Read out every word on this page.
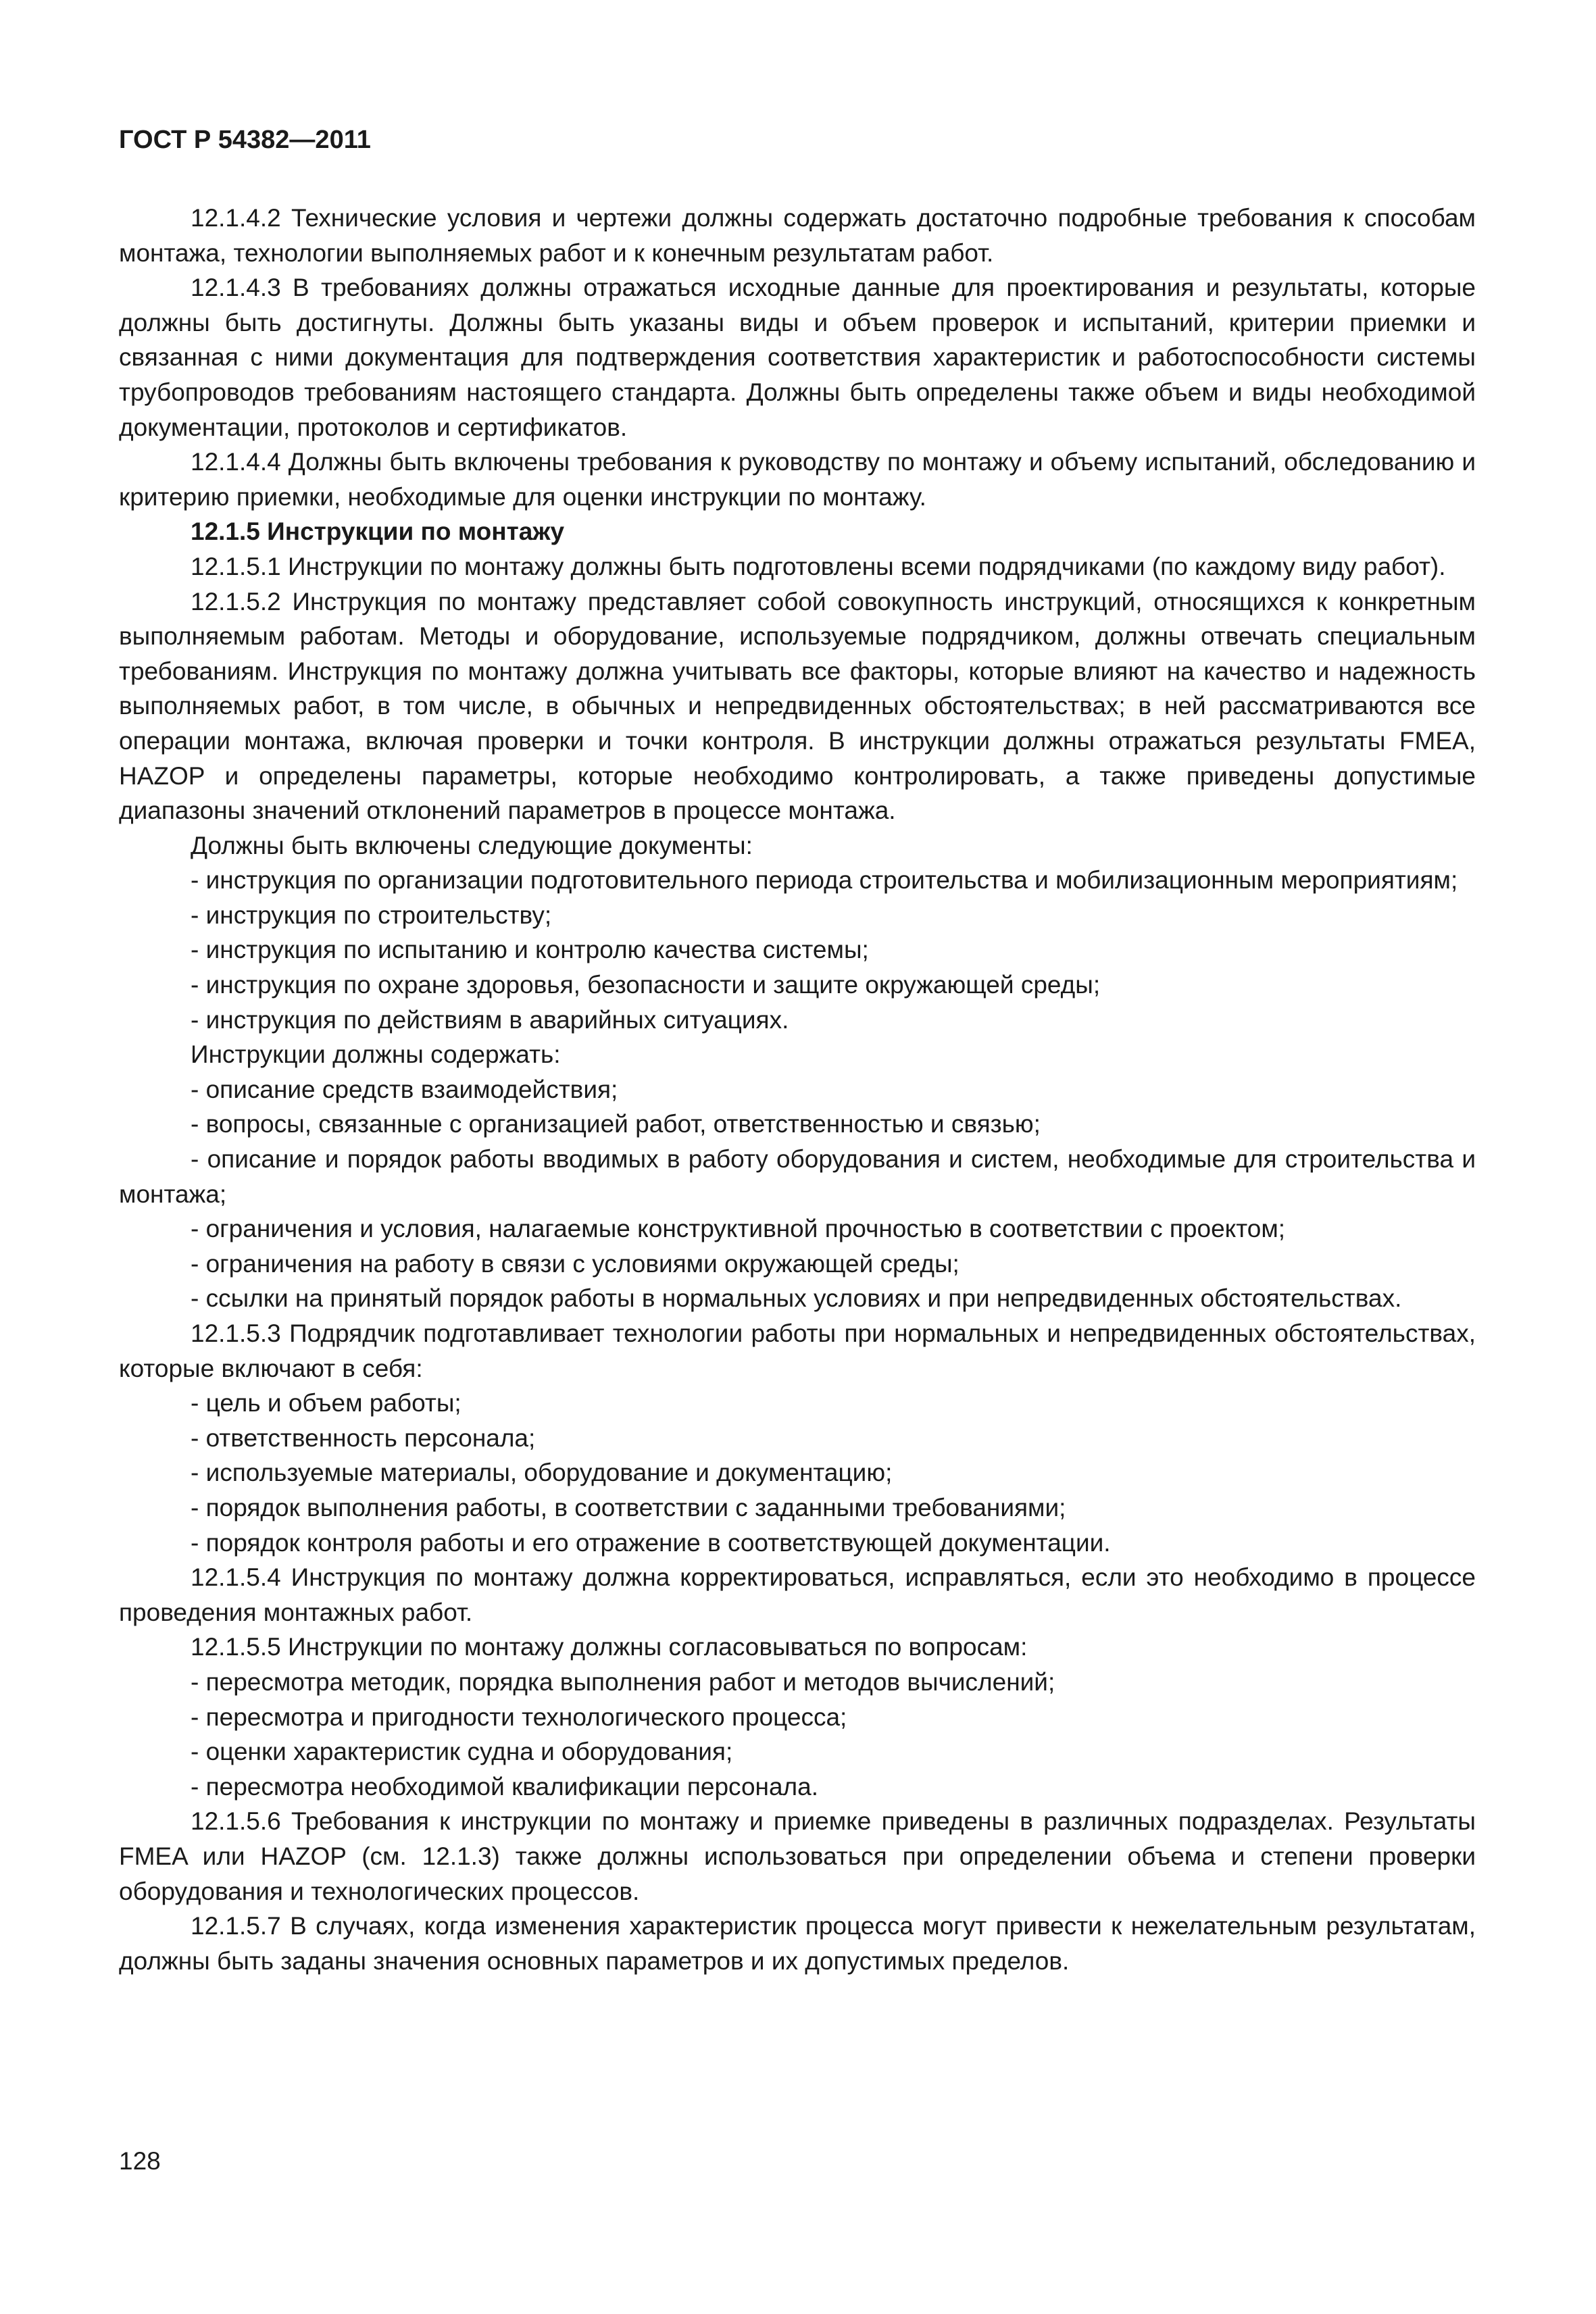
ГОСТ Р 54382—2011

12.1.4.2 Технические условия и чертежи должны содержать достаточно подробные требования к способам монтажа, технологии выполняемых работ и к конечным результатам работ.

12.1.4.3 В требованиях должны отражаться исходные данные для проектирования и результаты, которые должны быть достигнуты. Должны быть указаны виды и объем проверок и испытаний, критерии приемки и связанная с ними документация для подтверждения соответствия характеристик и работоспособности системы трубопроводов требованиям настоящего стандарта. Должны быть определены также объем и виды необходимой документации, протоколов и сертификатов.

12.1.4.4 Должны быть включены требования к руководству по монтажу и объему испытаний, обследованию и критерию приемки, необходимые для оценки инструкции по монтажу.

12.1.5 Инструкции по монтажу

12.1.5.1 Инструкции по монтажу должны быть подготовлены всеми подрядчиками (по каждому виду работ).

12.1.5.2 Инструкция по монтажу представляет собой совокупность инструкций, относящихся к конкретным выполняемым работам. Методы и оборудование, используемые подрядчиком, должны отвечать специальным требованиям. Инструкция по монтажу должна учитывать все факторы, которые влияют на качество и надежность выполняемых работ, в том числе, в обычных и непредвиденных обстоятельствах; в ней рассматриваются все операции монтажа, включая проверки и точки контроля. В инструкции должны отражаться результаты FMEA, HAZOP и определены параметры, которые необходимо контролировать, а также приведены допустимые диапазоны значений отклонений параметров в процессе монтажа.

Должны быть включены следующие документы:

- инструкция по организации подготовительного периода строительства и мобилизационным мероприятиям;

- инструкция по строительству;

- инструкция по испытанию и контролю качества системы;

- инструкция по охране здоровья, безопасности и защите окружающей среды;

- инструкция по действиям в аварийных ситуациях.

Инструкции должны содержать:

- описание средств взаимодействия;

- вопросы, связанные с организацией работ, ответственностью и связью;

- описание и порядок работы вводимых в работу оборудования и систем, необходимые для строительства и монтажа;

- ограничения и условия, налагаемые конструктивной прочностью в соответствии с проектом;

- ограничения на работу в связи с условиями окружающей среды;

- ссылки на принятый порядок работы в нормальных условиях и при непредвиденных обстоятельствах.

12.1.5.3 Подрядчик подготавливает технологии работы при нормальных и непредвиденных обстоятельствах, которые включают в себя:

- цель и объем работы;

- ответственность персонала;

- используемые материалы, оборудование и документацию;

- порядок выполнения работы, в соответствии с заданными требованиями;

- порядок контроля работы и его отражение в соответствующей документации.

12.1.5.4 Инструкция по монтажу должна корректироваться, исправляться, если это необходимо в процессе проведения монтажных работ.

12.1.5.5 Инструкции по монтажу должны согласовываться по вопросам:

- пересмотра методик, порядка выполнения работ и методов вычислений;

- пересмотра и пригодности технологического процесса;

- оценки характеристик судна и оборудования;

- пересмотра необходимой квалификации персонала.

12.1.5.6 Требования к инструкции по монтажу и приемке приведены в различных подразделах. Результаты FMEA или HAZOP (см. 12.1.3) также должны использоваться при определении объема и степени проверки оборудования и технологических процессов.

12.1.5.7 В случаях, когда изменения характеристик процесса могут привести к нежелательным результатам, должны быть заданы значения основных параметров и их допустимых пределов.

128
